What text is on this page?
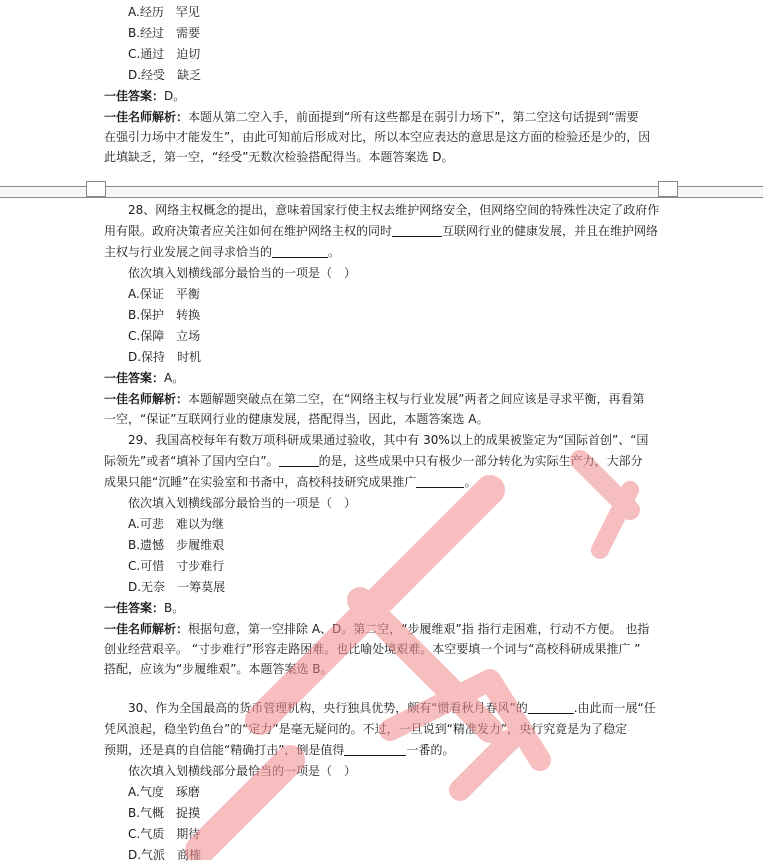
A.经历 罕见
B.经过 需要
C.通过 迫切
D.经受 缺乏
一佳答案：D。
一佳名师解析：本题从第二空入手，前面提到“所有这些都是在弱引力场下”，第二空这句话提到“需要
在强引力场中才能发生”，由此可知前后形成对比，所以本空应表达的意思是这方面的检验还是少的，因
此填缺乏，第一空，“经受”无数次检验搭配得当。本题答案选 D。
28、网络主权概念的提出，意味着国家行使主权去维护网络安全，但网络空间的特殊性决定了政府作
用有限。政府决策者应关注如何在维护网络主权的同时	互联网行业的健康发展，并且在维护网络
主权与行业发展之间寻求恰当的	。
依次填入划横线部分最恰当的一项是（　）
A.保证 平衡
B.保护 转换
C.保障 立场
D.保持 时机
一佳答案：A。
一佳名师解析：本题解题突破点在第二空，在“网络主权与行业发展”两者之间应该是寻求平衡，再看第
一空，“保证”互联网行业的健康发展，搭配得当，因此，本题答案选 A。
29、我国高校每年有数万项科研成果通过验收，其中有 30%以上的成果被鉴定为“国际首创”、“国
际领先”或者“填补了国内空白”。	的是，这些成果中只有极少一部分转化为实际生产力，大部分
成果只能“沉睡”在实验室和书斋中，高校科技研究成果推广	。
依次填入划横线部分最恰当的一项是（　）
A.可悲 难以为继
B.遗憾 步履维艰
C.可惜 寸步难行
D.无奈 一筹莫展
一佳答案：B。
一佳名师解析：根据句意，第一空排除 A、D。第二空，“步履维艰”指 指行走困难，行动不方便。 也指
创业经营艰辛。 “寸步难行”形容走路困难。也比喻处境艰难。本空要填一个词与“高校科研成果推广 ”
搭配，应该为“步履维艰”。本题答案选 B。
30、作为全国最高的货币管理机构，央行独具优势，颇有“惯看秋月春风”的	.由此而一展“任
凭风浪起，稳坐钓鱼台”的“定力”是毫无疑问的。不过，一旦说到“精准发力”，央行究竟是为了稳定
预期，还是真的自信能“精确打击”，倒是值得	一番的。
依次填入划横线部分最恰当的一项是（　）
A.气度 琢磨
B.气概 捉摸
C.气质 期待
D.气派 商榷
